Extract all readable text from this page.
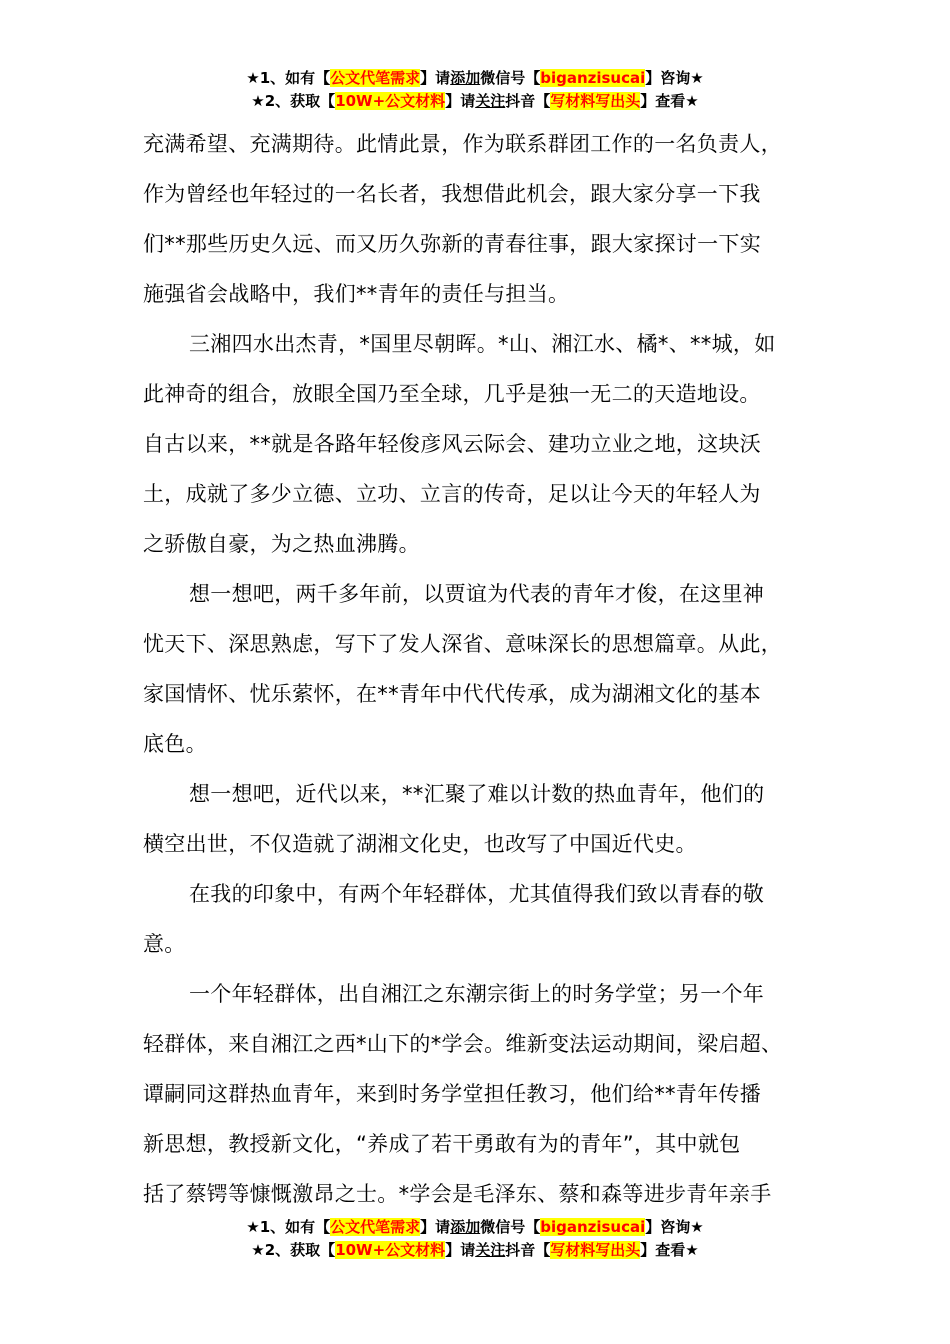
★1、如有【公文代笔需求】请添加微信号【biganzisucai】咨询★
★2、获取【10W+公文材料】请关注抖音【写材料写出头】查看★

充满希望、充满期待。此情此景，作为联系群团工作的一名负责人，
作为曾经也年轻过的一名长者，我想借此机会，跟大家分享一下我
们**那些历史久远、而又历久弥新的青春往事，跟大家探讨一下实
施强省会战略中，我们**青年的责任与担当。

三湘四水出杰青，*国里尽朝晖。*山、湘江水、橘*、**城，如
此神奇的组合，放眼全国乃至全球，几乎是独一无二的天造地设。
自古以来，**就是各路年轻俊彦风云际会、建功立业之地，这块沃
土，成就了多少立德、立功、立言的传奇，足以让今天的年轻人为
之骄傲自豪，为之热血沸腾。

想一想吧，两千多年前，以贾谊为代表的青年才俊，在这里神
忧天下、深思熟虑，写下了发人深省、意味深长的思想篇章。从此，
家国情怀、忧乐萦怀，在**青年中代代传承，成为湖湘文化的基本
底色。

想一想吧，近代以来，**汇聚了难以计数的热血青年，他们的
横空出世，不仅造就了湖湘文化史，也改写了中国近代史。

在我的印象中，有两个年轻群体，尤其值得我们致以青春的敬
意。

一个年轻群体，出自湘江之东潮宗街上的时务学堂；另一个年
轻群体，来自湘江之西*山下的*学会。维新变法运动期间，梁启超、
谭嗣同这群热血青年，来到时务学堂担任教习，他们给**青年传播
新思想，教授新文化，“养成了若干勇敢有为的青年”，其中就包
括了蔡锷等慷慨激昂之士。*学会是毛泽东、蔡和森等进步青年亲手

★1、如有【公文代笔需求】请添加微信号【biganzisucai】咨询★
★2、获取【10W+公文材料】请关注抖音【写材料写出头】查看★
